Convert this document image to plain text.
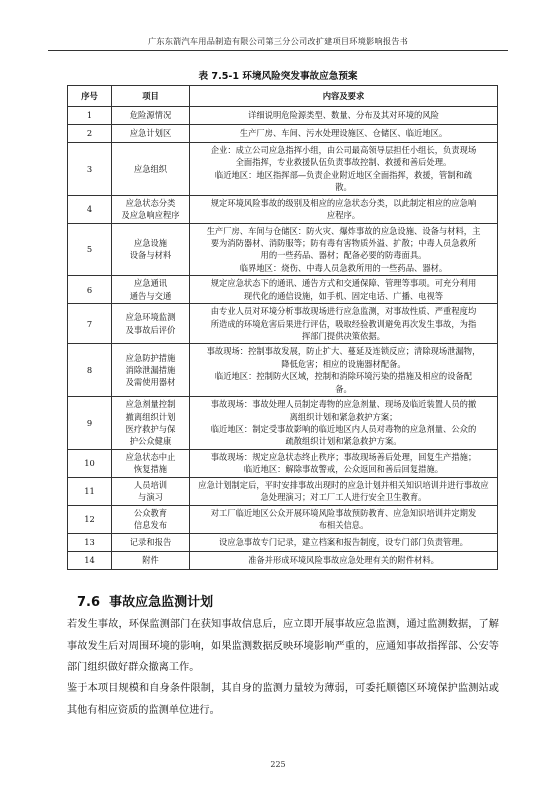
广东东箭汽车用品制造有限公司第三分公司改扩建项目环境影响报告书
表 7.5-1 环境风险突发事故应急预案
序号	项目	内容及要求
1	危险源情况	详细说明危险源类型、数量、分布及其对环境的风险

2	应急计划区	生产厂房、车间、污水处理设施区、仓储区、临近地区。

3	应急组织	企业：成立公司应急指挥小组，由公司最高领导层担任小组长，负责现场
全面指挥，专业救援队伍负责事故控制、救援和善后处理。
临近地区：地区指挥部—负责企业附近地区全面指挥，救援，管制和疏
散。

4	应急状态分类
及应急响应程序	规定环境风险事故的级别及相应的应急状态分类，以此制定相应的应急响
应程序。

5	应急设施
设备与材料	生产厂房、车间与仓储区：防火灾、爆炸事故的应急设施、设备与材料，主
要为消防器材、消防服等；防有毒有害物质外溢、扩散；中毒人员急救所
用的一些药品、器材；配备必要的防毒面具。
临界地区：烧伤、中毒人员急救所用的一些药品、器材。

6	应急通讯
通告与交通	规定应急状态下的通讯、通告方式和交通保障、管理等事项。可充分利用
现代化的通信设施，如手机、固定电话、广播、电视等

7	应急环境监测
及事故后评价	由专业人员对环境分析事故现场进行应急监测，对事故性质、严重程度均
所造成的环境危害后果进行评估，吸取经验教训避免再次发生事故，为指
挥部门提供决策依据。

8	应急防护措施
消除泄漏措施
及需使用器材	事故现场：控制事故发展，防止扩大、蔓延及连锁反应；清除现场泄漏物，
降低危害；相应的设施器材配备。
临近地区：控制防火区域，控制和消除环境污染的措施及相应的设备配
备。

9	应急剂量控制
撤离组织计划
医疗救护与保
护公众健康	事故现场：事故处理人员制定毒物的应急剂量、现场及临近装置人员的撤
离组织计划和紧急救护方案；
临近地区：制定受事故影响的临近地区内人员对毒物的应急剂量、公众的
疏散组织计划和紧急救护方案。

10	应急状态中止
恢复措施	事故现场：规定应急状态终止秩序；事故现场善后处理，回复生产措施；
临近地区：解除事故警戒，公众返回和善后回复措施。

11	人员培训
与演习	应急计划制定后，平时安排事故出现时的应急计划并相关知识培训并进行事故应
急处理演习；对工厂工人进行安全卫生教育。

12	公众教育
信息发布	对工厂临近地区公众开展环境风险事故预防教育、应急知识培训并定期发
布相关信息。

13	记录和报告	设应急事故专门记录，建立档案和报告制度，设专门部门负责管理。

14	附件	准备并形成环境风险事故应急处理有关的附件材料。
7.6 事故应急监测计划

若发生事故，环保监测部门在获知事故信息后，应立即开展事故应急监测，通过监测数据，了解事故发生后对周围环境的影响，如果监测数据反映环境影响严重的，应通知事故指挥部、公安等部门组织做好群众撤离工作。

鉴于本项目规模和自身条件限制，其自身的监测力量较为薄弱，可委托顺德区环境保护监测站或其他有相应资质的监测单位进行。

225
